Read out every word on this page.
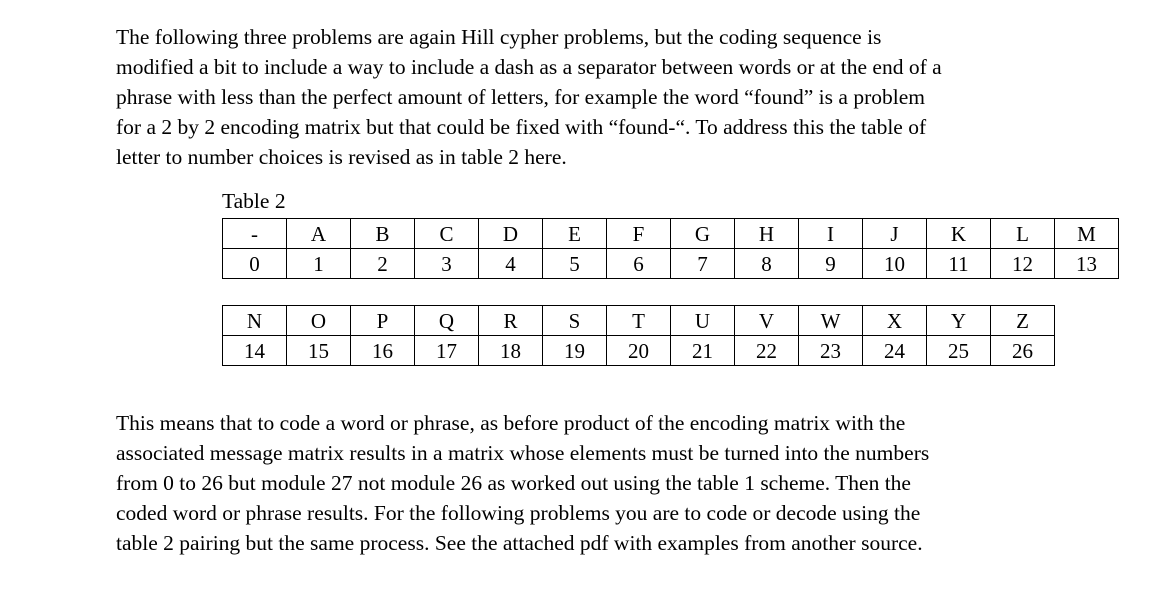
The following three problems are again Hill cypher problems, but the coding sequence is
modified a bit to include a way to include a dash as a separator between words or at the end of a
phrase with less than the perfect amount of letters, for example the word “found” is a problem
for a 2 by 2 encoding matrix but that could be fixed with “found-“. To address this the table of
letter to number choices is revised as in table 2 here.

Table 2

-	A	B	C	D	E	F	G	H	I	J	K	L	M
0	1	2	3	4	5	6	7	8	9	10	11	12	13
N	O	P	Q	R	S	T	U	V	W	X	Y	Z
14	15	16	17	18	19	20	21	22	23	24	25	26

This means that to code a word or phrase, as before product of the encoding matrix with the
associated message matrix results in a matrix whose elements must be turned into the numbers
from 0 to 26 but module 27 not module 26 as worked out using the table 1 scheme. Then the
coded word or phrase results. For the following problems you are to code or decode using the
table 2 pairing but the same process. See the attached pdf with examples from another source.
